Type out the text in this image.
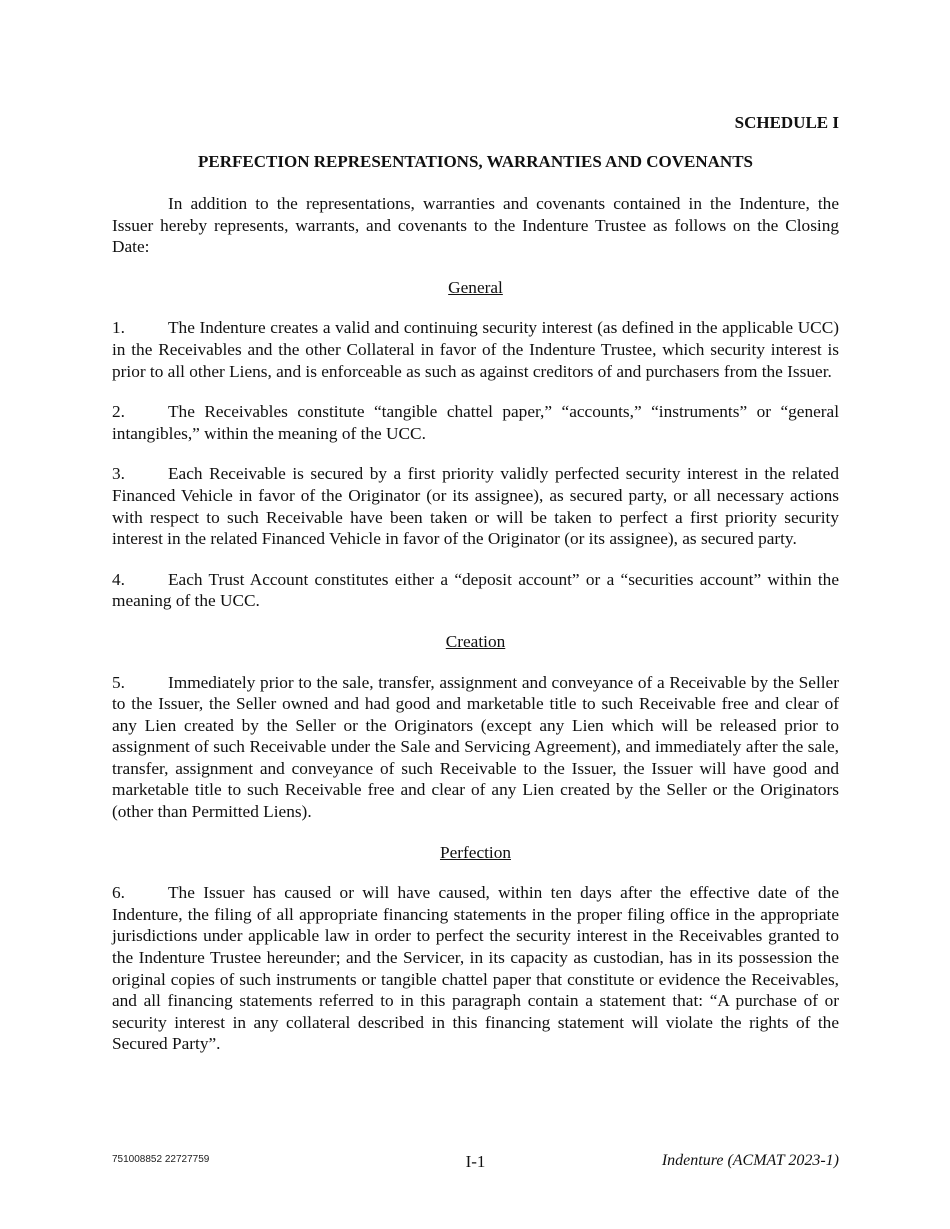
SCHEDULE I
PERFECTION REPRESENTATIONS, WARRANTIES AND COVENANTS

In addition to the representations, warranties and covenants contained in the Indenture, the Issuer hereby represents, warrants, and covenants to the Indenture Trustee as follows on the Closing Date:

General

1. The Indenture creates a valid and continuing security interest (as defined in the applicable UCC) in the Receivables and the other Collateral in favor of the Indenture Trustee, which security interest is prior to all other Liens, and is enforceable as such as against creditors of and purchasers from the Issuer.

2. The Receivables constitute “tangible chattel paper,” “accounts,” “instruments” or “general intangibles,” within the meaning of the UCC.

3. Each Receivable is secured by a first priority validly perfected security interest in the related Financed Vehicle in favor of the Originator (or its assignee), as secured party, or all necessary actions with respect to such Receivable have been taken or will be taken to perfect a first priority security interest in the related Financed Vehicle in favor of the Originator (or its assignee), as secured party.

4. Each Trust Account constitutes either a “deposit account” or a “securities account” within the meaning of the UCC.

Creation

5. Immediately prior to the sale, transfer, assignment and conveyance of a Receivable by the Seller to the Issuer, the Seller owned and had good and marketable title to such Receivable free and clear of any Lien created by the Seller or the Originators (except any Lien which will be released prior to assignment of such Receivable under the Sale and Servicing Agreement), and immediately after the sale, transfer, assignment and conveyance of such Receivable to the Issuer, the Issuer will have good and marketable title to such Receivable free and clear of any Lien created by the Seller or the Originators (other than Permitted Liens).

Perfection

6. The Issuer has caused or will have caused, within ten days after the effective date of the Indenture, the filing of all appropriate financing statements in the proper filing office in the appropriate jurisdictions under applicable law in order to perfect the security interest in the Receivables granted to the Indenture Trustee hereunder; and the Servicer, in its capacity as custodian, has in its possession the original copies of such instruments or tangible chattel paper that constitute or evidence the Receivables, and all financing statements referred to in this paragraph contain a statement that: “A purchase of or security interest in any collateral described in this financing statement will violate the rights of the Secured Party”.

751008852 22727759	I-1	Indenture (ACMAT 2023-1)
